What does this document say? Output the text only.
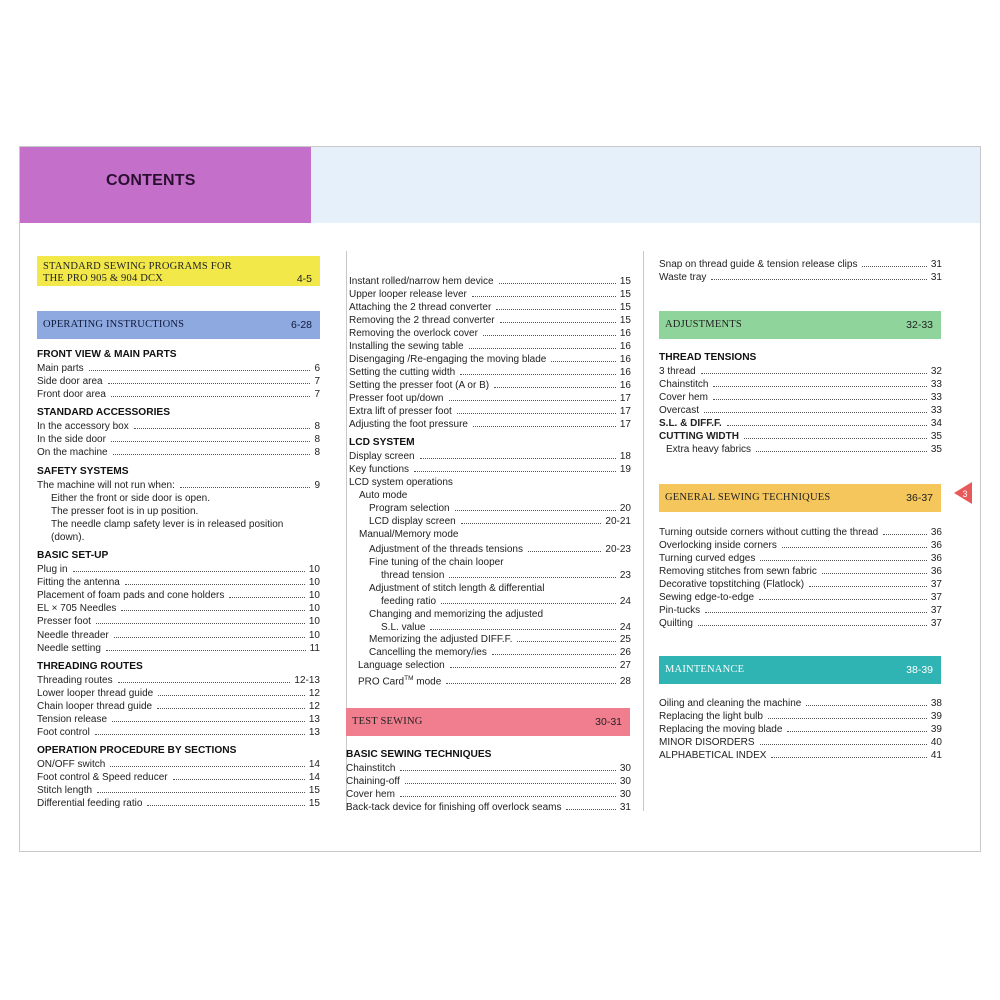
CONTENTS
STANDARD SEWING PROGRAMS FOR
THE PRO 905 & 904 DCX	4-5
OPERATING INSTRUCTIONS	6-28
FRONT VIEW & MAIN PARTS
Main parts	6
Side door area	7
Front door area	7
STANDARD ACCESSORIES
In the accessory box	8
In the side door	8
On the machine	8
SAFETY SYSTEMS
The machine will not run when:	9
Either the front or side door is open.
The presser foot is in up position.
The needle clamp safety lever is in released position
(down).
BASIC SET-UP
Plug in	10
Fitting the antenna	10
Placement of foam pads and cone holders	10
EL × 705 Needles	10
Presser foot	10
Needle threader	10
Needle setting	11
THREADING ROUTES
Threading routes	12-13
Lower looper thread guide	12
Chain looper thread guide	12
Tension release	13
Foot control	13
OPERATION PROCEDURE BY SECTIONS
ON/OFF switch	14
Foot control & Speed reducer	14
Stitch length	15
Differential feeding ratio	15
Instant rolled/narrow hem device	15
Upper looper release lever	15
Attaching the 2 thread converter	15
Removing the 2 thread converter	15
Removing the overlock cover	16
Installing the sewing table	16
Disengaging /Re-engaging the moving blade	16
Setting the cutting width	16
Setting the presser foot (A or B)	16
Presser foot up/down	17
Extra lift of presser foot	17
Adjusting the foot pressure	17
LCD SYSTEM
Display screen	18
Key functions	19
LCD system operations
Auto mode
Program selection	20
LCD display screen	20-21
Manual/Memory mode
Adjustment of the threads tensions	20-23
Fine tuning of the chain looper
thread tension	23
Adjustment of stitch length & differential
feeding ratio	24
Changing and memorizing the adjusted
S.L. value	24
Memorizing the adjusted DIFF.F.	25
Cancelling the memory/ies	26
Language selection	27
PRO Card™ mode	28
TEST SEWING	30-31
BASIC SEWING TECHNIQUES
Chainstitch	30
Chaining-off	30
Cover hem	30
Back-tack device for finishing off overlock seams	31
Snap on thread guide & tension release clips	31
Waste tray	31
ADJUSTMENTS	32-33
THREAD TENSIONS
3 thread	32
Chainstitch	33
Cover hem	33
Overcast	33
S.L. & DIFF.F.	34
CUTTING WIDTH	35
Extra heavy fabrics	35
GENERAL SEWING TECHNIQUES	36-37
Turning outside corners without cutting the thread	36
Overlocking inside corners	36
Turning curved edges	36
Removing stitches from sewn fabric	36
Decorative topstitching (Flatlock)	37
Sewing edge-to-edge	37
Pin-tucks	37
Quilting	37
MAINTENANCE	38-39
Oiling and cleaning the machine	38
Replacing the light bulb	39
Replacing the moving blade	39
MINOR DISORDERS	40
ALPHABETICAL INDEX	41
3
